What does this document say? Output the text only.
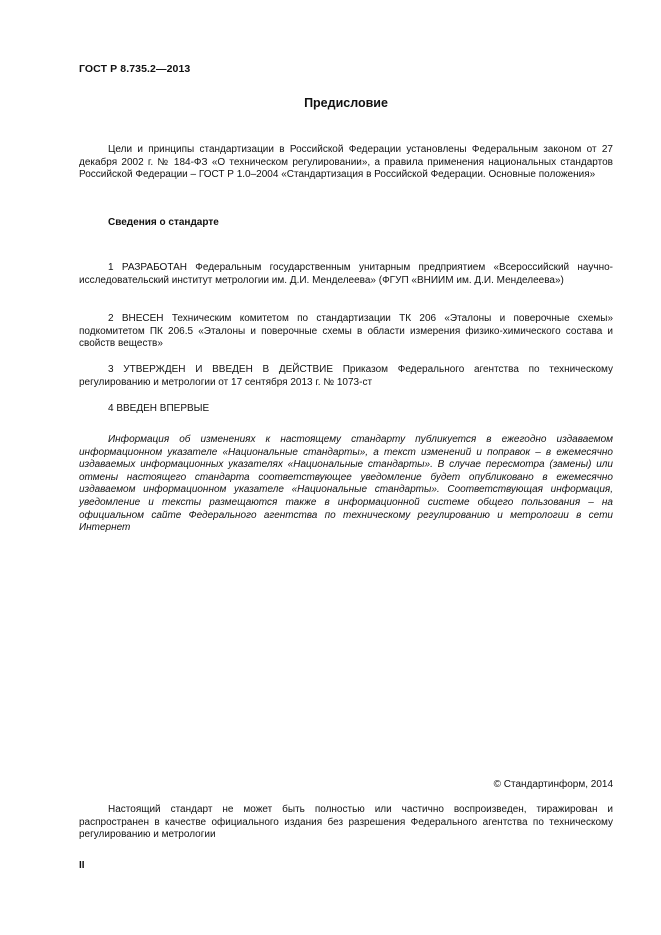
ГОСТ Р 8.735.2—2013
Предисловие

Цели и принципы стандартизации в Российской Федерации установлены Федеральным законом от 27 декабря 2002 г. № 184-ФЗ «О техническом регулировании», а правила применения национальных стандартов Российской Федерации – ГОСТ Р 1.0–2004 «Стандартизация в Российской Федерации. Основные положения»

Сведения о стандарте

1 РАЗРАБОТАН Федеральным государственным унитарным предприятием «Всероссийский научно-исследовательский институт метрологии им. Д.И. Менделеева» (ФГУП «ВНИИМ им. Д.И. Менделеева»)

2 ВНЕСЕН Техническим комитетом по стандартизации ТК 206 «Эталоны и поверочные схемы» подкомитетом ПК 206.5 «Эталоны и поверочные схемы в области измерения физико-химического состава и свойств веществ»

3 УТВЕРЖДЕН И ВВЕДЕН В ДЕЙСТВИЕ Приказом Федерального агентства по техническому регулированию и метрологии от 17 сентября 2013 г. № 1073-ст

4 ВВЕДЕН ВПЕРВЫЕ

Информация об изменениях к настоящему стандарту публикуется в ежегодно издаваемом информационном указателе «Национальные стандарты», а текст изменений и поправок – в ежемесячно издаваемых информационных указателях «Национальные стандарты». В случае пересмотра (замены) или отмены настоящего стандарта соответствующее уведомление будет опубликовано в ежемесячно издаваемом информационном указателе «Национальные стандарты». Соответствующая информация, уведомление и тексты размещаются также в информационной системе общего пользования – на официальном сайте Федерального агентства по техническому регулированию и метрологии в сети Интернет

© Стандартинформ, 2014

Настоящий стандарт не может быть полностью или частично воспроизведен, тиражирован и распространен в качестве официального издания без разрешения Федерального агентства по техническому регулированию и метрологии

II
